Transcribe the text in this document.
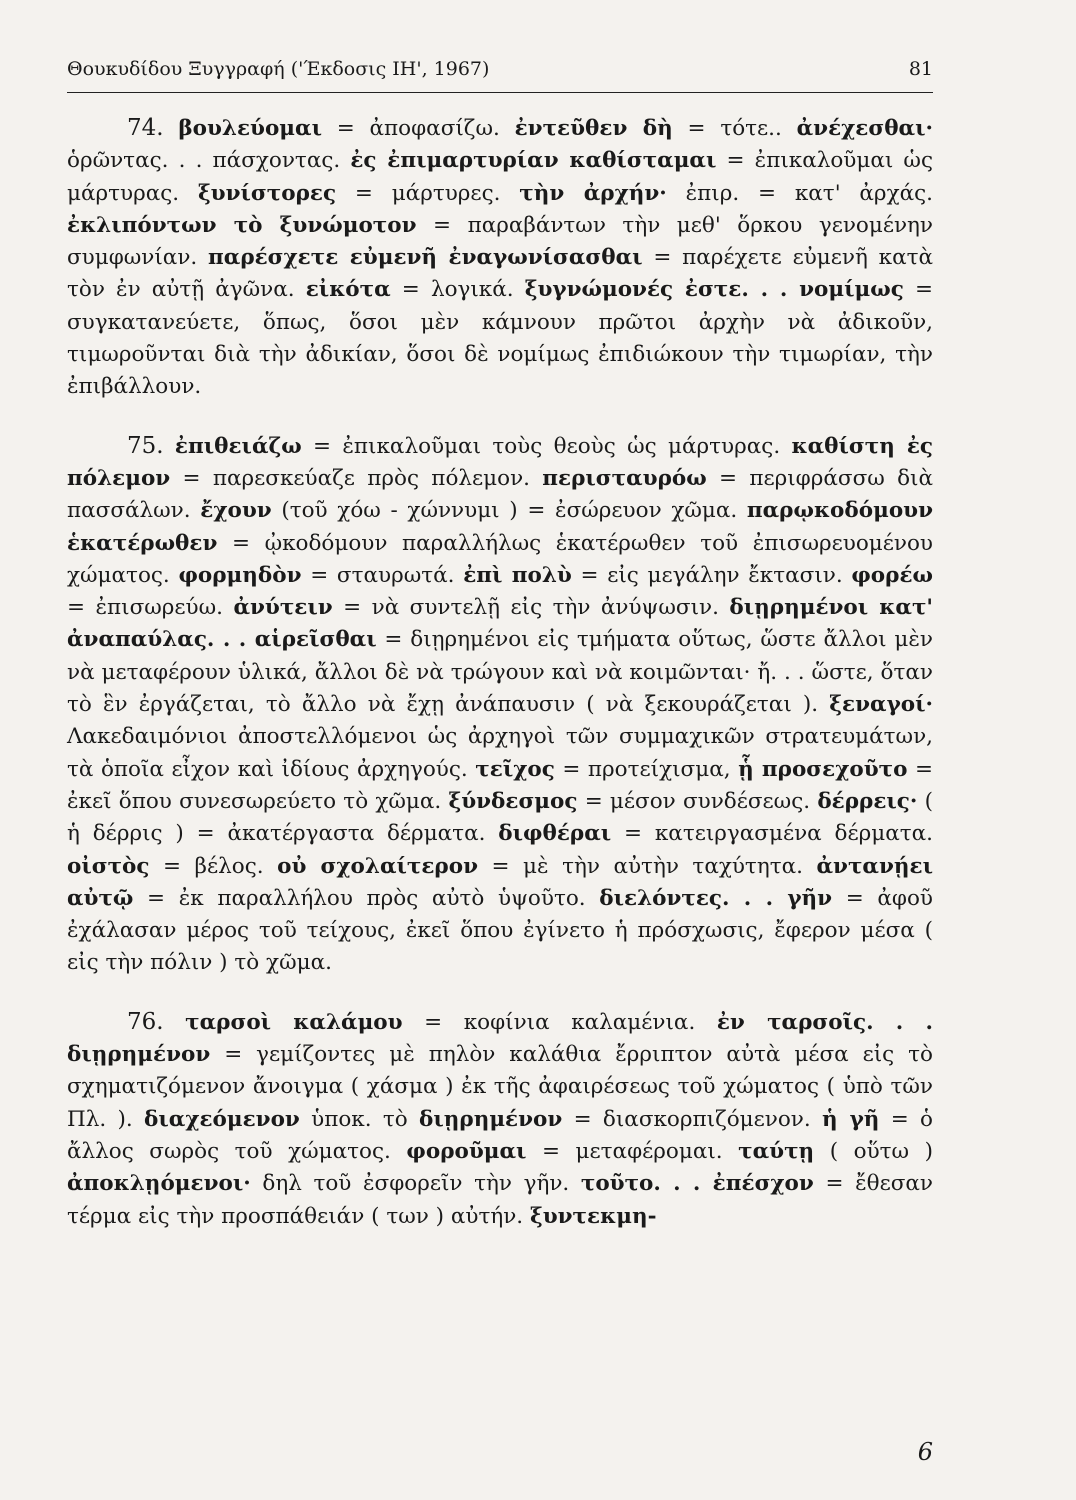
Θουκυδίδου Ξυγγραφή ('Έκδοσις ΙΗ', 1967)	81

74. βουλεύομαι = ἀποφασίζω. ἐντεῦθεν δὴ = τότε.. ἀνέχεσθαι· ὁρῶντας. . . πάσχοντας. ἐς ἐπιμαρτυρίαν καθίσταμαι = ἐπικαλοῦμαι ὡς μάρτυρας. ξυνίστορες = μάρτυρες. τὴν ἀρχήν· ἐπιρ. = κατ' ἀρχάς. ἐκλιπόντων τὸ ξυνώμοτον = παραβάντων τὴν μεθ' ὅρκου γενομένην συμφωνίαν. παρέσχετε εὐμενῆ ἐναγωνίσασθαι = παρέχετε εὐμενῆ κατὰ τὸν ἐν αὐτῇ ἀγῶνα. εἰκότα = λογικά. ξυγνώμονές ἐστε. . . νομίμως = συγκατανεύετε, ὅπως, ὅσοι μὲν κάμνουν πρῶτοι ἀρχὴν νὰ ἀδικοῦν, τιμωροῦνται διὰ τὴν ἀδικίαν, ὅσοι δὲ νομίμως ἐπιδιώκουν τὴν τιμωρίαν, τὴν ἐπιβάλλουν.

75. ἐπιθειάζω = ἐπικαλοῦμαι τοὺς θεοὺς ὡς μάρτυρας. καθίστη ἐς πόλεμον = παρεσκεύαζε πρὸς πόλεμον. περισταυρόω = περιφράσσω διὰ πασσάλων. ἔχουν (τοῦ χόω - χώννυμι ) = ἐσώρευον χῶμα. παρῳκοδόμουν ἑκατέρωθεν = ᾠκοδόμουν παραλλήλως ἑκατέρωθεν τοῦ ἐπισωρευομένου χώματος. φορμηδὸν = σταυρωτά. ἐπὶ πολὺ = εἰς μεγάλην ἔκτασιν. φορέω = ἐπισωρεύω. ἀνύτειν = νὰ συντελῇ εἰς τὴν ἀνύψωσιν. διῃρημένοι κατ' ἀναπαύλας. . . αἱρεῖσθαι = διῃρημένοι εἰς τμήματα οὕτως, ὥστε ἄλλοι μὲν νὰ μεταφέρουν ὑλικά, ἄλλοι δὲ νὰ τρώγουν καὶ νὰ κοιμῶνται· ἤ. . . ὥστε, ὅταν τὸ ἓν ἐργάζεται, τὸ ἄλλο νὰ ἔχῃ ἀνάπαυσιν ( νὰ ξεκουράζεται ). ξεναγοί· Λακεδαιμόνιοι ἀποστελλόμενοι ὡς ἀρχηγοὶ τῶν συμμαχικῶν στρατευμάτων, τὰ ὁποῖα εἶχον καὶ ἰδίους ἀρχηγούς. τεῖχος = προτείχισμα, ᾗ προσεχοῦτο = ἐκεῖ ὅπου συνεσωρεύετο τὸ χῶμα. ξύνδεσμος = μέσον συνδέσεως. δέρρεις· ( ἡ δέρρις ) = ἀκατέργαστα δέρματα. διφθέραι = κατειργασμένα δέρματα. οἰστὸς = βέλος. οὐ σχολαίτερον = μὲ τὴν αὐτὴν ταχύτητα. ἀντανῄει αὐτῷ = ἐκ παραλλήλου πρὸς αὐτὸ ὑψοῦτο. διελόντες. . . γῆν = ἀφοῦ ἐχάλασαν μέρος τοῦ τείχους, ἐκεῖ ὅπου ἐγίνετο ἡ πρόσχωσις, ἔφερον μέσα ( εἰς τὴν πόλιν ) τὸ χῶμα.

76. ταρσοὶ καλάμου = κοφίνια καλαμένια. ἐν ταρσοῖς. . . διῃρημένον = γεμίζοντες μὲ πηλὸν καλάθια ἔρριπτον αὐτὰ μέσα εἰς τὸ σχηματιζόμενον ἄνοιγμα ( χάσμα ) ἐκ τῆς ἀφαιρέσεως τοῦ χώματος ( ὑπὸ τῶν Πλ. ). διαχεόμενον ὑποκ. τὸ διῃρημένον = διασκορπιζόμενον. ἡ γῆ = ὁ ἄλλος σωρὸς τοῦ χώματος. φοροῦμαι = μεταφέρομαι. ταύτῃ ( οὕτω ) ἀποκλῃόμενοι· δηλ τοῦ ἐσφορεῖν τὴν γῆν. τοῦτο. . . ἐπέσχον = ἔθεσαν τέρμα εἰς τὴν προσπάθειάν ( των ) αὐτήν. ξυντεκμη-

6
